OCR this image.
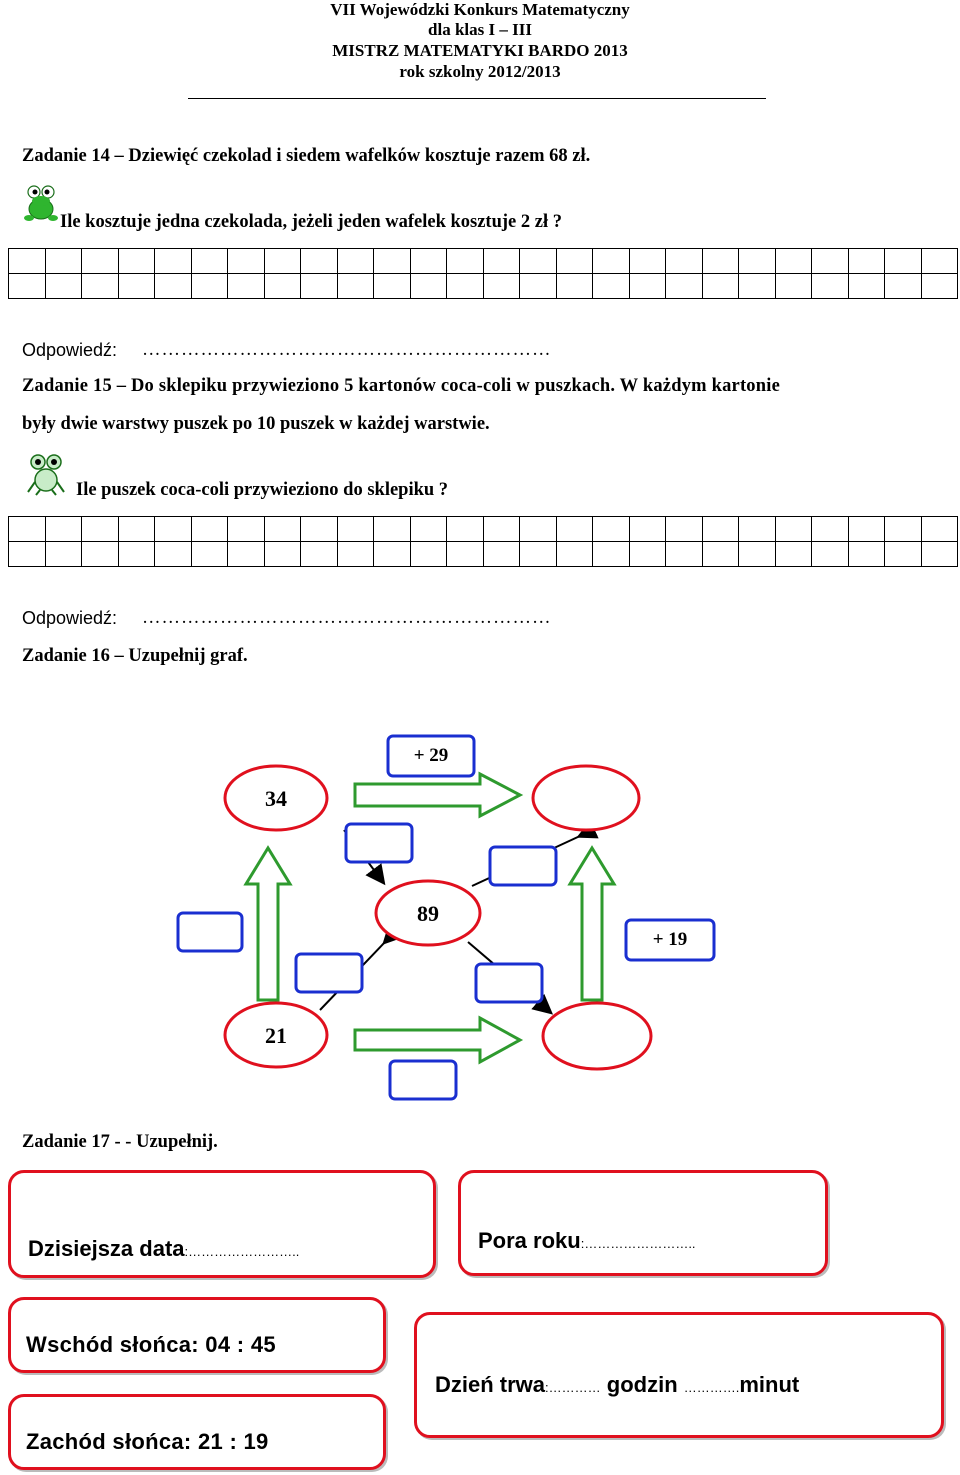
VII Wojewódzki Konkurs Matematyczny
dla klas I – III
MISTRZ MATEMATYKI BARDO 2013
rok szkolny 2012/2013
Zadanie 14 – Dziewięć czekolad i siedem wafelków kosztuje razem 68 zł.
Ile kosztuje jedna czekolada, jeżeli jeden wafelek kosztuje 2 zł ?

Odpowiedź: ………………………………………………………
Zadanie 15 – Do sklepiku przywieziono 5 kartonów coca-coli w puszkach. W każdym kartonie
były dwie warstwy puszek po 10 puszek w każdej warstwie.
Ile puszek coca-coli przywieziono do sklepiku ?

Odpowiedź: ………………………………………………………
Zadanie 16 – Uzupełnij graf.
34
89
21
+ 29
+ 19
Zadanie 17 - - Uzupełnij.
Dzisiejsza data:……………………..	Pora roku:……………………..
Wschód słońca: 04 : 45
Zachód słońca: 21 : 19
Dzień trwa:………… godzin ………….minut
